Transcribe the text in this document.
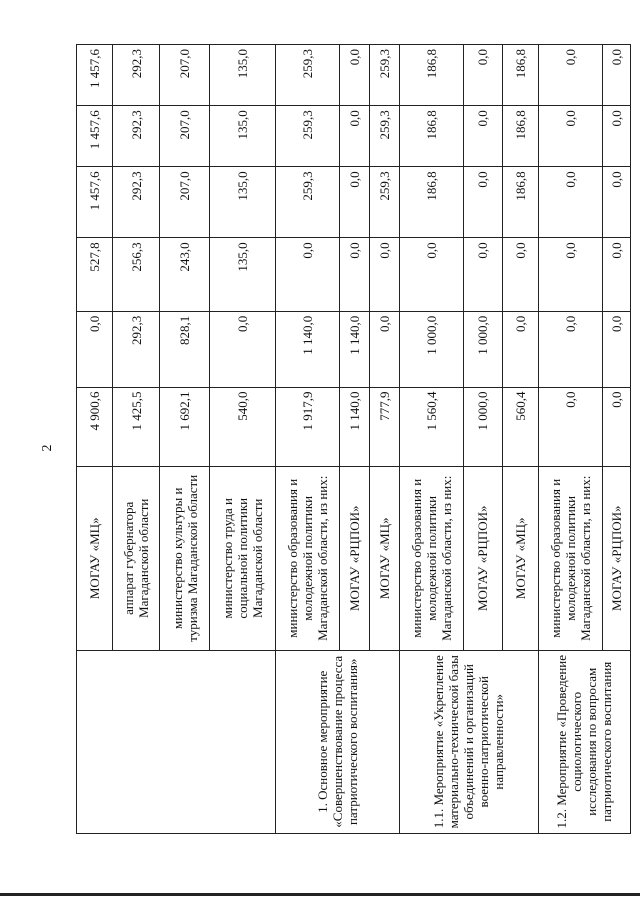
2
	МОГАУ «МЦ»	4 900,6	0,0	527,8	1 457,6	1 457,6	1 457,6
	аппарат губернатора Магаданской области	1 425,5	292,3	256,3	292,3	292,3	292,3
	министерство культуры и туризма Магаданской области	1 692,1	828,1	243,0	207,0	207,0	207,0
	министерство труда и социальной политики Магаданской области	540,0	0,0	135,0	135,0	135,0	135,0
1. Основное мероприятие «Совершенствование процесса патриотического воспитания»	министерство образования и молодежной политики Магаданской области, из них:	1 917,9	1 140,0	0,0	259,3	259,3	259,3
	МОГАУ «РЦПОИ»	1 140,0	1 140,0	0,0	0,0	0,0	0,0
	МОГАУ «МЦ»	777,9	0,0	0,0	259,3	259,3	259,3
1.1. Мероприятие «Укрепление материально-технической базы объединений и организаций военно-патриотической направленности»	министерство образования и молодежной политики Магаданской области, из них:	1 560,4	1 000,0	0,0	186,8	186,8	186,8
	МОГАУ «РЦПОИ»	1 000,0	1 000,0	0,0	0,0	0,0	0,0
	МОГАУ «МЦ»	560,4	0,0	0,0	186,8	186,8	186,8
1.2. Мероприятие «Проведение социологического исследования по вопросам патриотического воспитания	министерство образования и молодежной политики Магаданской области, из них:	0,0	0,0	0,0	0,0	0,0	0,0
	МОГАУ «РЦПОИ»	0,0	0,0	0,0	0,0	0,0	0,0
